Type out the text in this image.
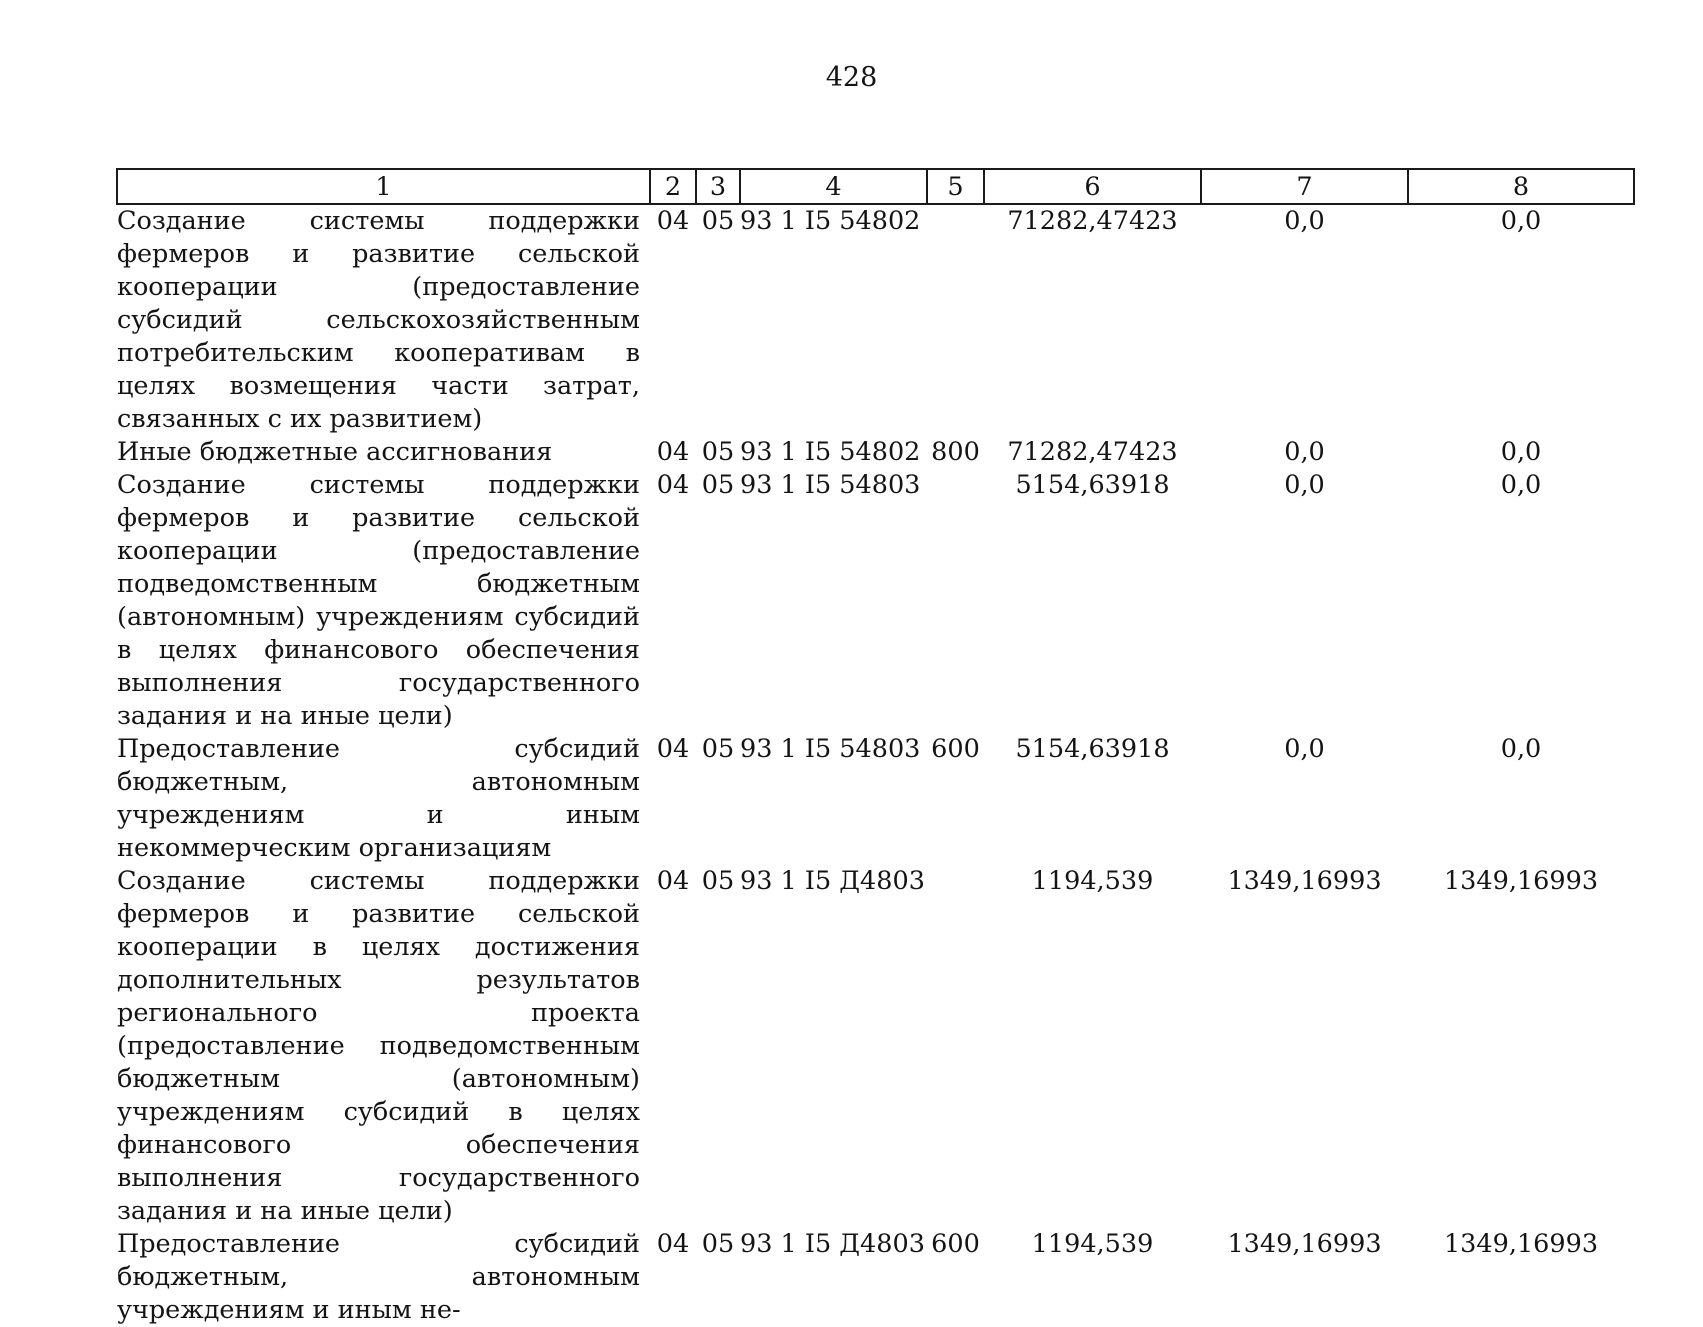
428
1	2	3	4	5	6	7	8
Создание системы поддержки фермеров и развитие сельской кооперации (предоставление субсидий сельскохозяйственным потребительским кооперативам в целях возмещения части затрат, связанных с их развитием)	04	05	93 1 I5 54802		71282,47423	0,0	0,0
Иные бюджетные ассигнования	04	05	93 1 I5 54802	800	71282,47423	0,0	0,0
Создание системы поддержки фермеров и развитие сельской кооперации (предоставление подведомственным бюджетным (автономным) учреждениям субсидий в целях финансового обеспечения выполнения государственного задания и на иные цели)	04	05	93 1 I5 54803		5154,63918	0,0	0,0
Предоставление субсидий бюджетным, автономным учреждениям и иным некоммерческим организациям	04	05	93 1 I5 54803	600	5154,63918	0,0	0,0
Создание системы поддержки фермеров и развитие сельской кооперации в целях достижения дополнительных результатов регионального проекта (предоставление подведомственным бюджетным (автономным) учреждениям субсидий в целях финансового обеспечения выполнения государственного задания и на иные цели)	04	05	93 1 I5 Д4803		1194,539	1349,16993	1349,16993
Предоставление субсидий бюджетным, автономным учреждениям и иным не-	04	05	93 1 I5 Д4803	600	1194,539	1349,16993	1349,16993
